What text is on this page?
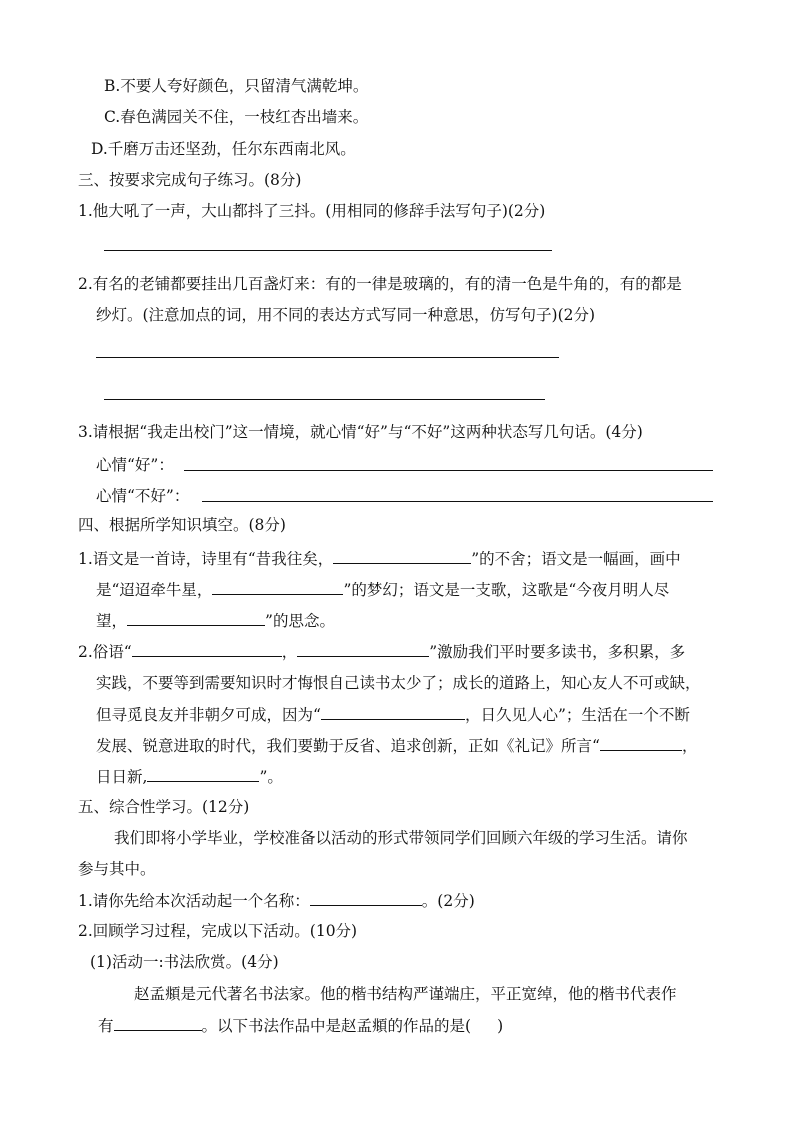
B.不要人夸好颜色，只留清气满乾坤。
C.春色满园关不住，一枝红杏出墙来。
D.千磨万击还坚劲，任尔东西南北风。
三、按要求完成句子练习。(8分)
1.他大吼了一声，大山都抖了三抖。(用相同的修辞手法写句子)(2分)
2.有名的老铺都要挂出几百盏灯来：有的一律是玻璃的，有的清一色是牛角的，有的都是
纱灯。(注意加点的词，用不同的表达方式写同一种意思，仿写句子)(2分)
3.请根据“我走出校门”这一情境，就心情“好”与“不好”这两种状态写几句话。(4分)
心情“好”：
心情“不好”：
四、根据所学知识填空。(8分)
1.语文是一首诗，诗里有“昔我往矣，	”的不舍；语文是一幅画，画中
是“迢迢牵牛星，	”的梦幻；语文是一支歌，这歌是“今夜月明人尽
望，	”的思念。
2.俗语“	，	”激励我们平时要多读书，多积累，多
实践，不要等到需要知识时才悔恨自己读书太少了；成长的道路上，知心友人不可或缺，
但寻觅良友并非朝夕可成，因为“	，日久见人心”；生活在一个不断
发展、锐意进取的时代，我们要勤于反省、追求创新，正如《礼记》所言“	，
日日新,	”。
五、综合性学习。(12分)
我们即将小学毕业，学校准备以活动的形式带领同学们回顾六年级的学习生活。请你
参与其中。
1.请你先给本次活动起一个名称：	。(2分)
2.回顾学习过程，完成以下活动。(10分)
(1)活动一:书法欣赏。(4分)
赵孟頫是元代著名书法家。他的楷书结构严谨端庄，平正宽绰，他的楷书代表作
有	。以下书法作品中是赵孟頫的作品的是( )
